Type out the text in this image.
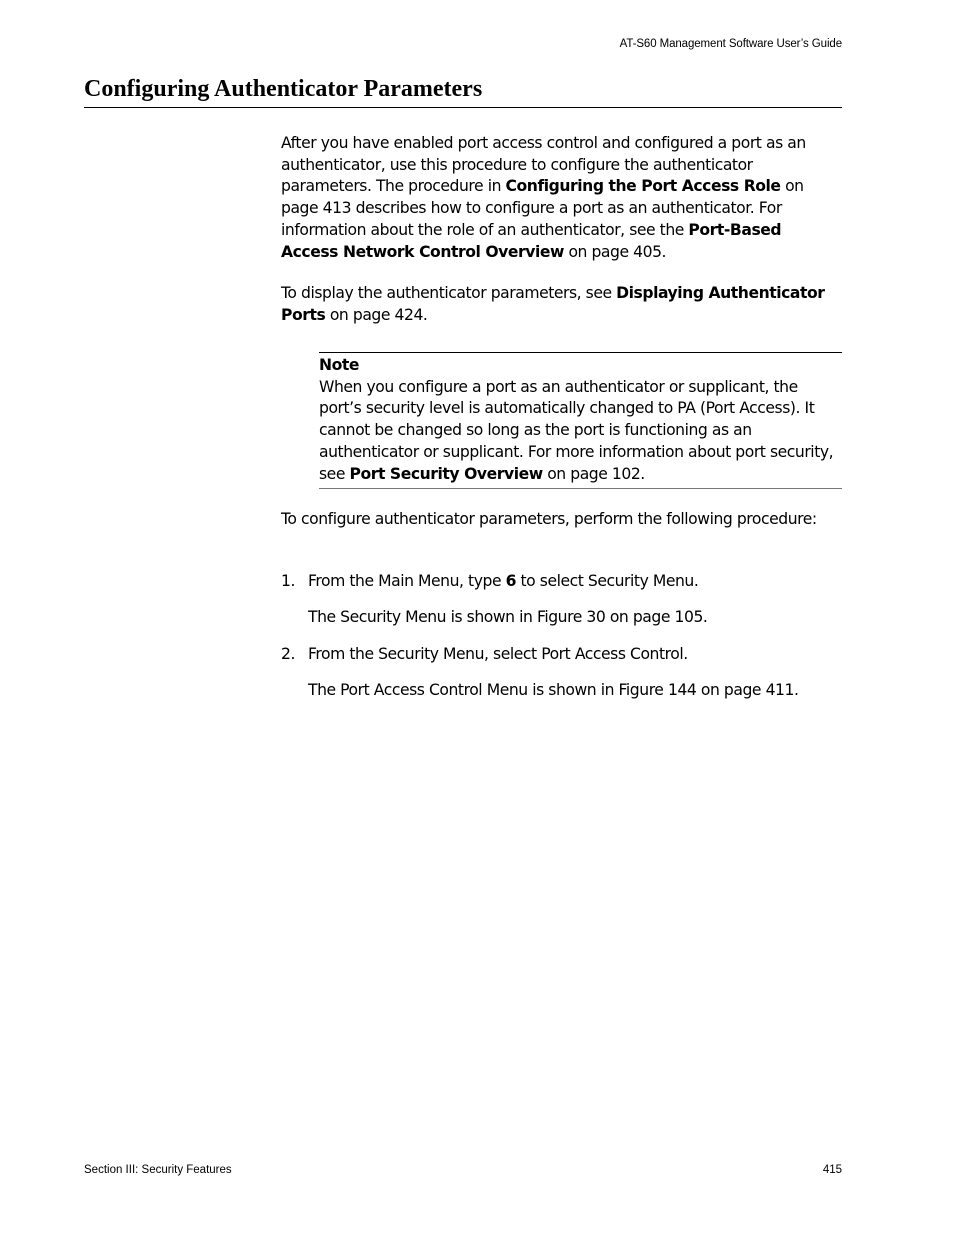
AT-S60 Management Software User’s Guide
Configuring Authenticator Parameters

After you have enabled port access control and configured a port as an authenticator, use this procedure to configure the authenticator parameters. The procedure in Configuring the Port Access Role on page 413 describes how to configure a port as an authenticator. For information about the role of an authenticator, see the Port-Based Access Network Control Overview on page 405.

To display the authenticator parameters, see Displaying Authenticator Ports on page 424.

Note
When you configure a port as an authenticator or supplicant, the port’s security level is automatically changed to PA (Port Access). It cannot be changed so long as the port is functioning as an authenticator or supplicant. For more information about port security, see Port Security Overview on page 102.

To configure authenticator parameters, perform the following procedure:

1. From the Main Menu, type 6 to select Security Menu.
The Security Menu is shown in Figure 30 on page 105.
2. From the Security Menu, select Port Access Control.
The Port Access Control Menu is shown in Figure 144 on page 411.
Section III: Security Features	415
